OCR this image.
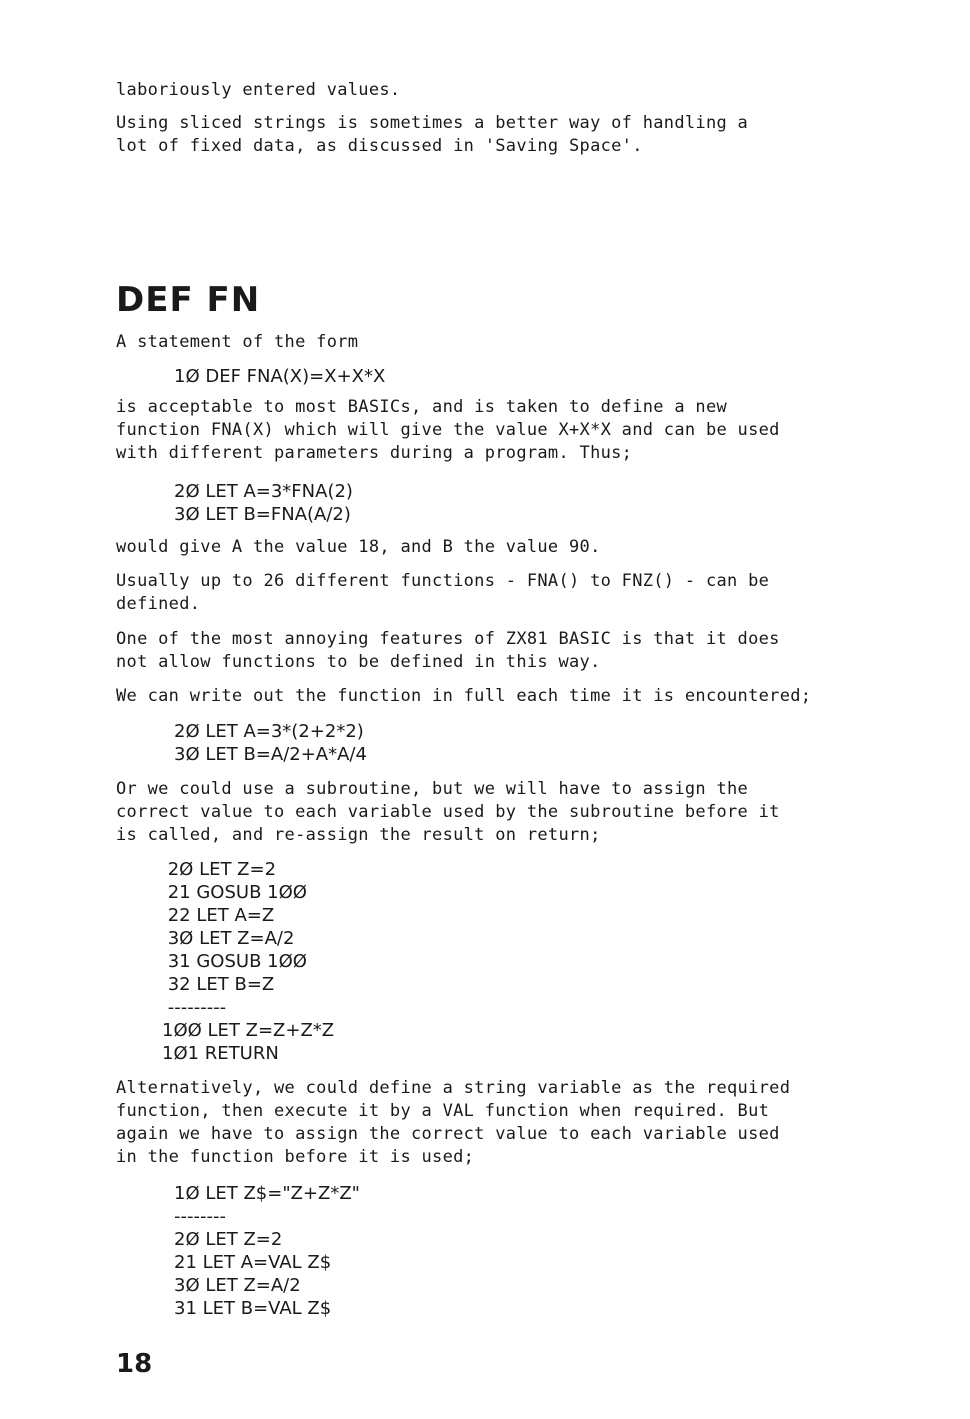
laboriously entered values.

Using sliced strings is sometimes a better way of handling a
lot of fixed data, as discussed in 'Saving Space'.

DEF FN

A statement of the form

1Ø DEF FNA(X)=X+X*X

is acceptable to most BASICs, and is taken to define a new
function FNA(X) which will give the value X+X*X and can be used
with different parameters during a program. Thus;

2Ø LET A=3*FNA(2)
3Ø LET B=FNA(A/2)

would give A the value 18, and B the value 90.

Usually up to 26 different functions - FNA() to FNZ() - can be
defined.

One of the most annoying features of ZX81 BASIC is that it does
not allow functions to be defined in this way.

We can write out the function in full each time it is encountered;

2Ø LET A=3*(2+2*2)
3Ø LET B=A/2+A*A/4

Or we could use a subroutine, but we will have to assign the
correct value to each variable used by the subroutine before it
is called, and re-assign the result on return;

2Ø LET Z=2
21 GOSUB 1ØØ
22 LET A=Z
3Ø LET Z=A/2
31 GOSUB 1ØØ
32 LET B=Z
---------
1ØØ LET Z=Z+Z*Z
1Ø1 RETURN

Alternatively, we could define a string variable as the required
function, then execute it by a VAL function when required. But
again we have to assign the correct value to each variable used
in the function before it is used;

1Ø LET Z$="Z+Z*Z"
--------
2Ø LET Z=2
21 LET A=VAL Z$
3Ø LET Z=A/2
31 LET B=VAL Z$
18
